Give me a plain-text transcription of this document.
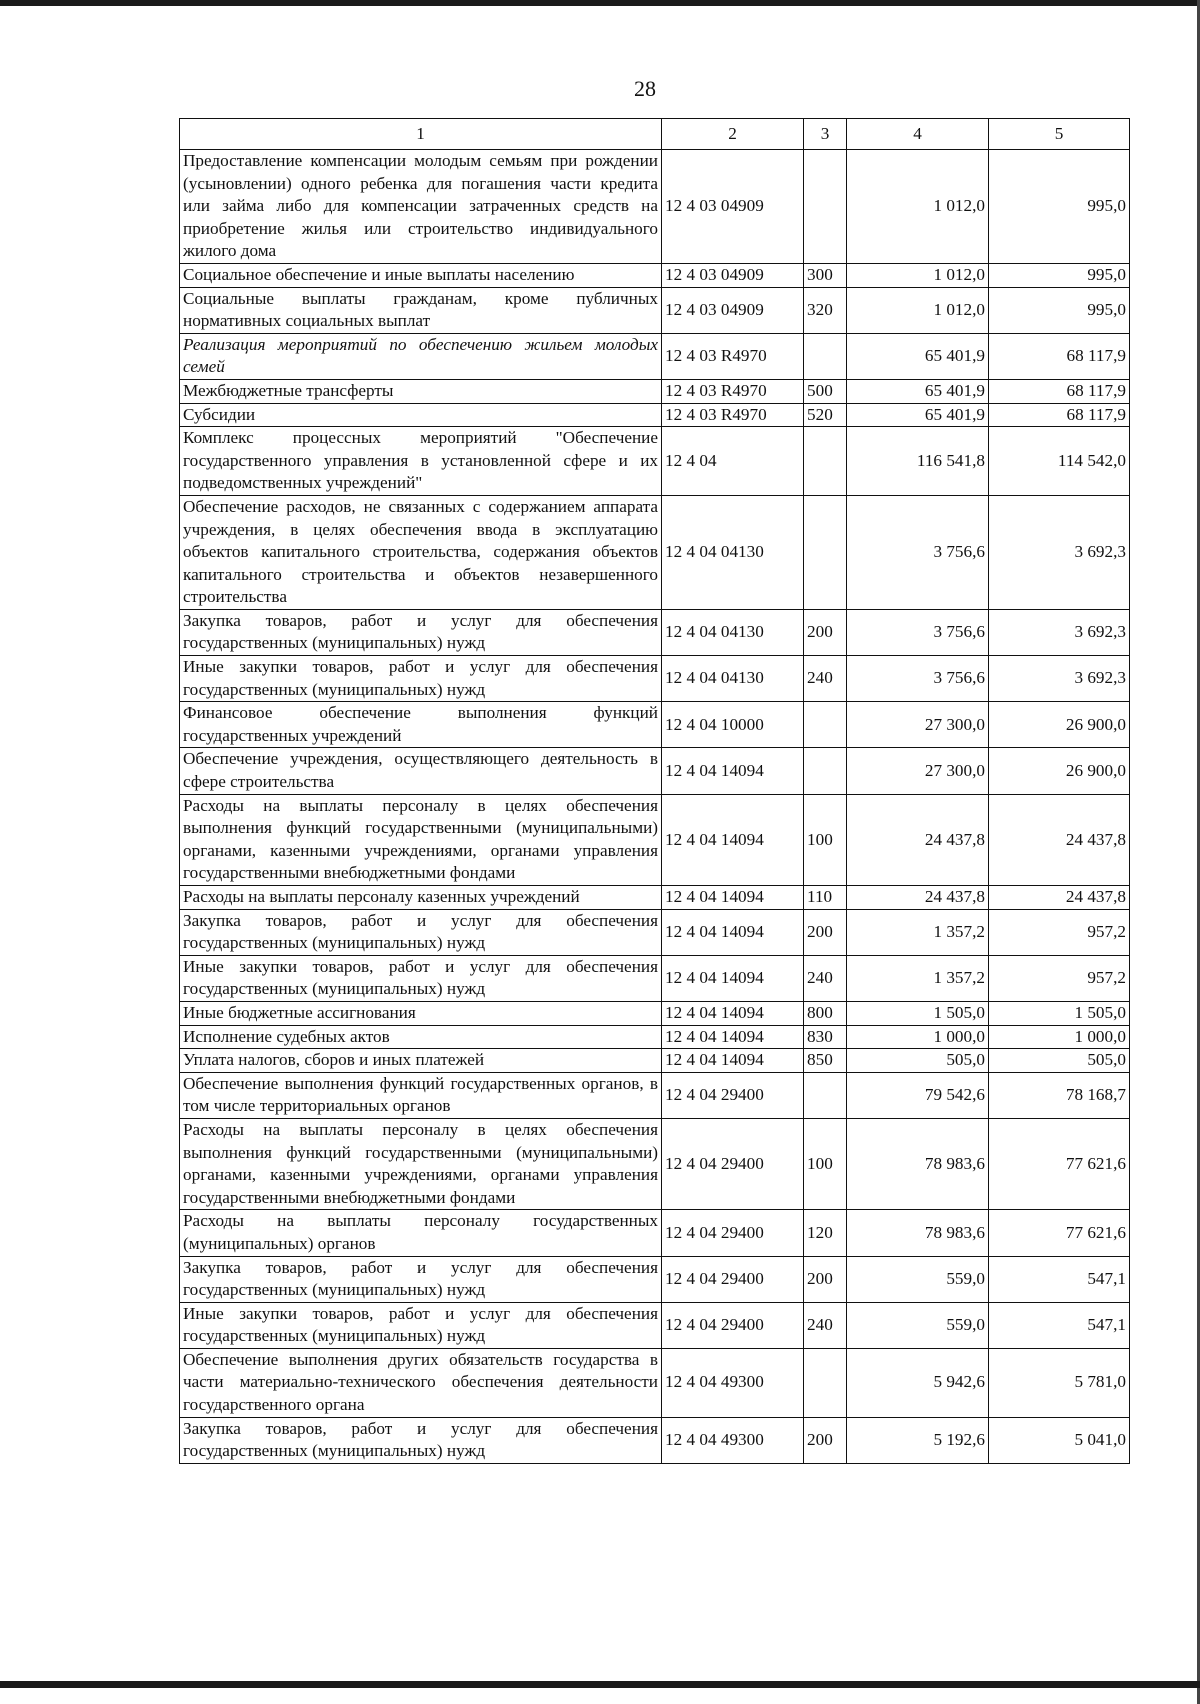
28
1	2	3	4	5
Предоставление компенсации молодым семьям при рождении (усыновлении) одного ребенка для погашения части кредита или займа либо для компенсации затраченных средств на приобретение жилья или строительство индивидуального жилого дома	12 4 03 04909		1 012,0	995,0
Социальное обеспечение и иные выплаты населению	12 4 03 04909	300	1 012,0	995,0
Социальные выплаты гражданам, кроме публичных нормативных социальных выплат	12 4 03 04909	320	1 012,0	995,0
Реализация мероприятий по обеспечению жильем молодых семей	12 4 03 R4970		65 401,9	68 117,9
Межбюджетные трансферты	12 4 03 R4970	500	65 401,9	68 117,9
Субсидии	12 4 03 R4970	520	65 401,9	68 117,9
Комплекс процессных мероприятий "Обеспечение государственного управления в установленной сфере и их подведомственных учреждений"	12 4 04		116 541,8	114 542,0
Обеспечение расходов, не связанных с содержанием аппарата учреждения, в целях обеспечения ввода в эксплуатацию объектов капитального строительства, содержания объектов капитального строительства и объектов незавершенного строительства	12 4 04 04130		3 756,6	3 692,3
Закупка товаров, работ и услуг для обеспечения государственных (муниципальных) нужд	12 4 04 04130	200	3 756,6	3 692,3
Иные закупки товаров, работ и услуг для обеспечения государственных (муниципальных) нужд	12 4 04 04130	240	3 756,6	3 692,3
Финансовое обеспечение выполнения функций государственных учреждений	12 4 04 10000		27 300,0	26 900,0
Обеспечение учреждения, осуществляющего деятельность в сфере строительства	12 4 04 14094		27 300,0	26 900,0
Расходы на выплаты персоналу в целях обеспечения выполнения функций государственными (муниципальными) органами, казенными учреждениями, органами управления государственными внебюджетными фондами	12 4 04 14094	100	24 437,8	24 437,8
Расходы на выплаты персоналу казенных учреждений	12 4 04 14094	110	24 437,8	24 437,8
Закупка товаров, работ и услуг для обеспечения государственных (муниципальных) нужд	12 4 04 14094	200	1 357,2	957,2
Иные закупки товаров, работ и услуг для обеспечения государственных (муниципальных) нужд	12 4 04 14094	240	1 357,2	957,2
Иные бюджетные ассигнования	12 4 04 14094	800	1 505,0	1 505,0
Исполнение судебных актов	12 4 04 14094	830	1 000,0	1 000,0
Уплата налогов, сборов и иных платежей	12 4 04 14094	850	505,0	505,0
Обеспечение выполнения функций государственных органов, в том числе территориальных органов	12 4 04 29400		79 542,6	78 168,7
Расходы на выплаты персоналу в целях обеспечения выполнения функций государственными (муниципальными) органами, казенными учреждениями, органами управления государственными внебюджетными фондами	12 4 04 29400	100	78 983,6	77 621,6
Расходы на выплаты персоналу государственных (муниципальных) органов	12 4 04 29400	120	78 983,6	77 621,6
Закупка товаров, работ и услуг для обеспечения государственных (муниципальных) нужд	12 4 04 29400	200	559,0	547,1
Иные закупки товаров, работ и услуг для обеспечения государственных (муниципальных) нужд	12 4 04 29400	240	559,0	547,1
Обеспечение выполнения других обязательств государства в части материально-технического обеспечения деятельности государственного органа	12 4 04 49300		5 942,6	5 781,0
Закупка товаров, работ и услуг для обеспечения государственных (муниципальных) нужд	12 4 04 49300	200	5 192,6	5 041,0
